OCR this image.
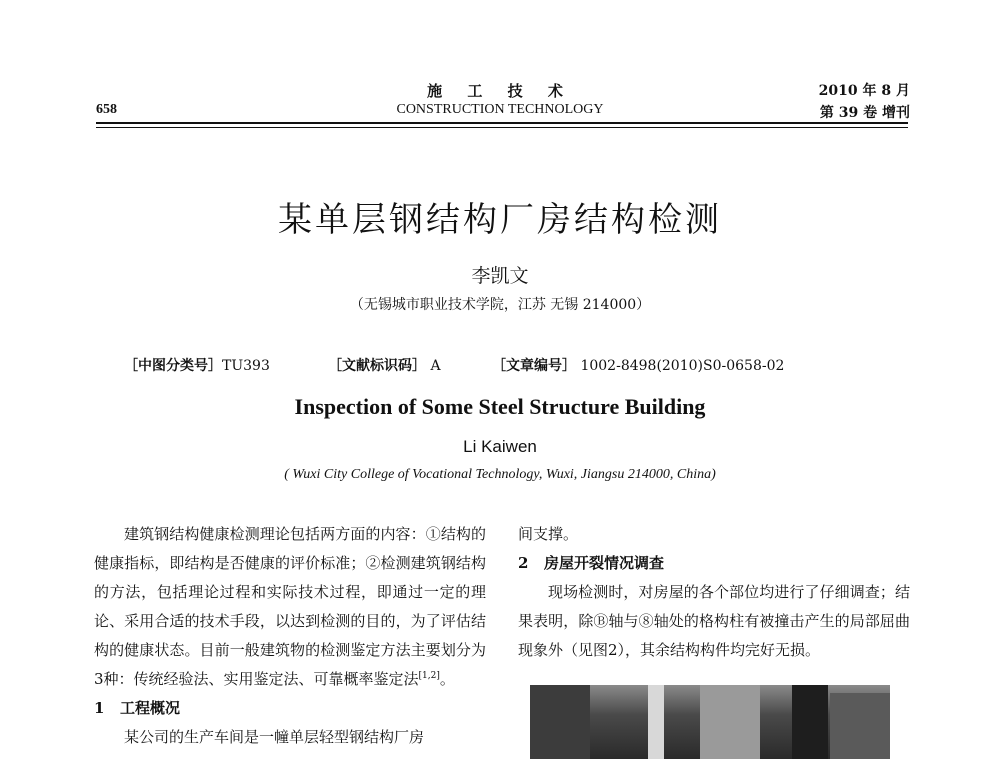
施 工 技 术
CONSTRUCTION TECHNOLOGY
658
2010 年 8 月
第 39 卷 增刊
某单层钢结构厂房结构检测
李凯文
（无锡城市职业技术学院，江苏 无锡 214000）
［中图分类号］TU393	［文献标识码］ A	［文章编号］ 1002-8498(2010)S0-0658-02
Inspection of Some Steel Structure Building
Li Kaiwen
( Wuxi City College of Vocational Technology, Wuxi, Jiangsu 214000, China)

建筑钢结构健康检测理论包括两方面的内容：①结构的健康指标，即结构是否健康的评价标准；②检测建筑钢结构的方法，包括理论过程和实际技术过程，即通过一定的理论、采用合适的技术手段，以达到检测的目的，为了评估结构的健康状态。目前一般建筑物的检测鉴定方法主要划分为3种：传统经验法、实用鉴定法、可靠概率鉴定法[1,2]。

1 工程概况

某公司的生产车间是一幢单层轻型钢结构厂房

间支撑。

2 房屋开裂情况调查

现场检测时，对房屋的各个部位均进行了仔细调查；结果表明，除Ⓑ轴与⑧轴处的格构柱有被撞击产生的局部屈曲现象外（见图2），其余结构构件均完好无损。
